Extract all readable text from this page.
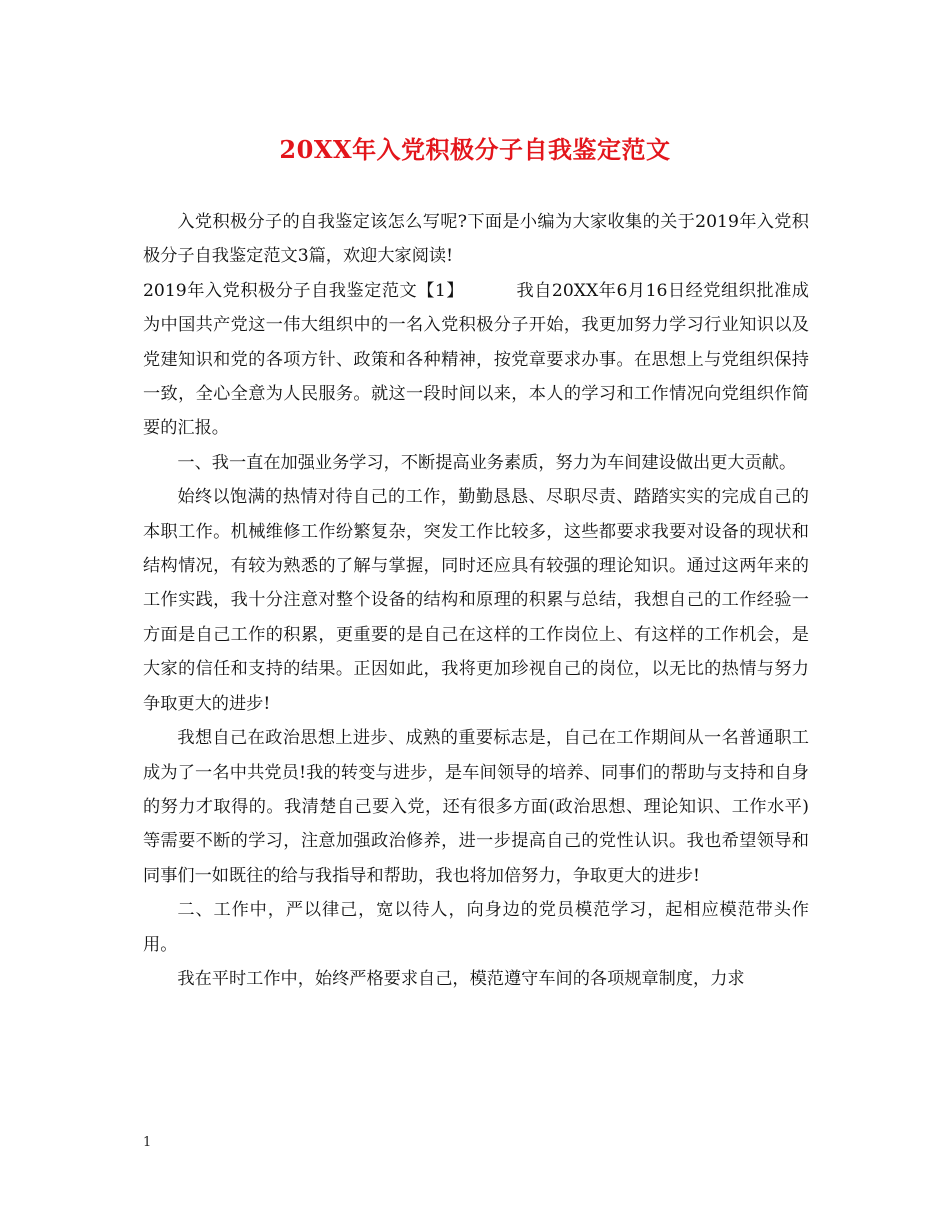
20XX年入党积极分子自我鉴定范文

入党积极分子的自我鉴定该怎么写呢?下面是小编为大家收集的关于2019年入党积极分子自我鉴定范文3篇，欢迎大家阅读!

2019年入党积极分子自我鉴定范文【1】	我自20XX年6月16日经党组织批准成为中国共产党这一伟大组织中的一名入党积极分子开始，我更加努力学习行业知识以及党建知识和党的各项方针、政策和各种精神，按党章要求办事。在思想上与党组织保持一致，全心全意为人民服务。就这一段时间以来，本人的学习和工作情况向党组织作简要的汇报。

一、我一直在加强业务学习，不断提高业务素质，努力为车间建设做出更大贡献。

始终以饱满的热情对待自己的工作，勤勤恳恳、尽职尽责、踏踏实实的完成自己的本职工作。机械维修工作纷繁复杂，突发工作比较多，这些都要求我要对设备的现状和结构情况，有较为熟悉的了解与掌握，同时还应具有较强的理论知识。通过这两年来的工作实践，我十分注意对整个设备的结构和原理的积累与总结，我想自己的工作经验一方面是自己工作的积累，更重要的是自己在这样的工作岗位上、有这样的工作机会，是大家的信任和支持的结果。正因如此，我将更加珍视自己的岗位，以无比的热情与努力争取更大的进步!

我想自己在政治思想上进步、成熟的重要标志是，自己在工作期间从一名普通职工成为了一名中共党员!我的转变与进步，是车间领导的培养、同事们的帮助与支持和自身的努力才取得的。我清楚自己要入党，还有很多方面(政治思想、理论知识、工作水平)等需要不断的学习，注意加强政治修养，进一步提高自己的党性认识。我也希望领导和同事们一如既往的给与我指导和帮助，我也将加倍努力，争取更大的进步!

二、工作中，严以律己，宽以待人，向身边的党员模范学习，起相应模范带头作用。

我在平时工作中，始终严格要求自己，模范遵守车间的各项规章制度，力求

1
